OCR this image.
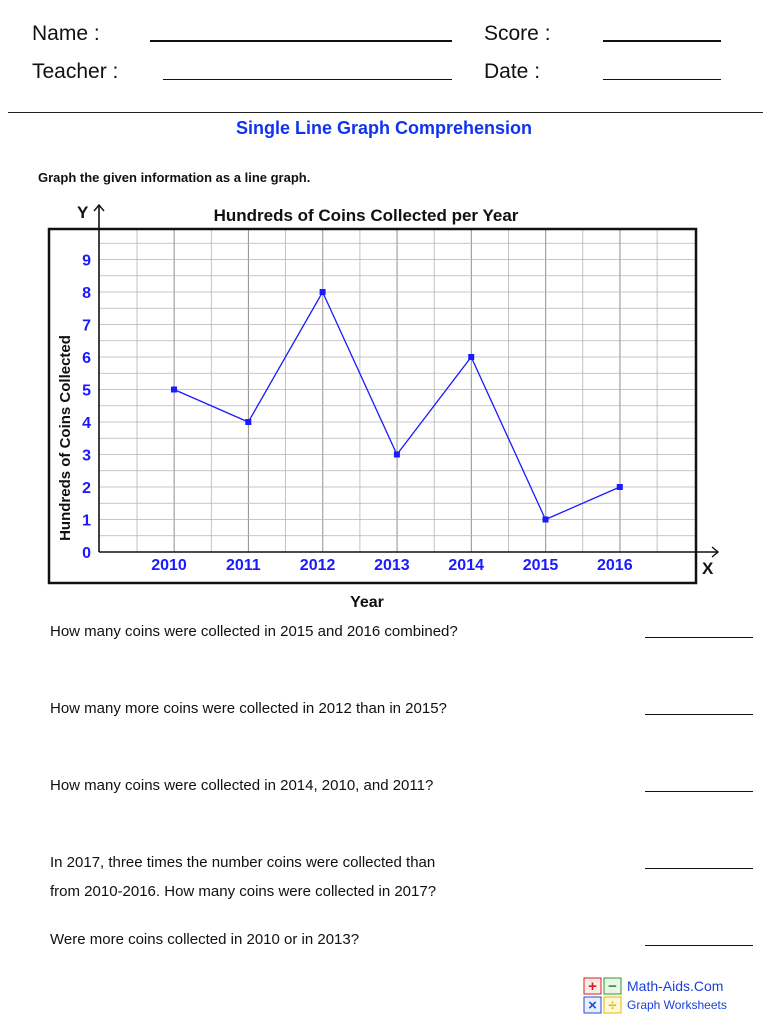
Name :	Score :
Teacher :	Date :
Single Line Graph Comprehension
Graph the given information as a line graph.
0
1
2
3
4
5
6
7
8
9
2010 2011 2012 2013 2014 2015 2016
Hundreds of Coins Collected per Year
Y
X
Year
Hundreds of Coins Collected
How many coins were collected in 2015 and 2016 combined?
How many more coins were collected in 2012 than in 2015?
How many coins were collected in 2014, 2010, and 2011?
In 2017, three times the number coins were collected than
from 2010-2016. How many coins were collected in 2017?
Were more coins collected in 2010 or in 2013?
+ −
× ÷
Math-Aids.Com
Graph Worksheets
